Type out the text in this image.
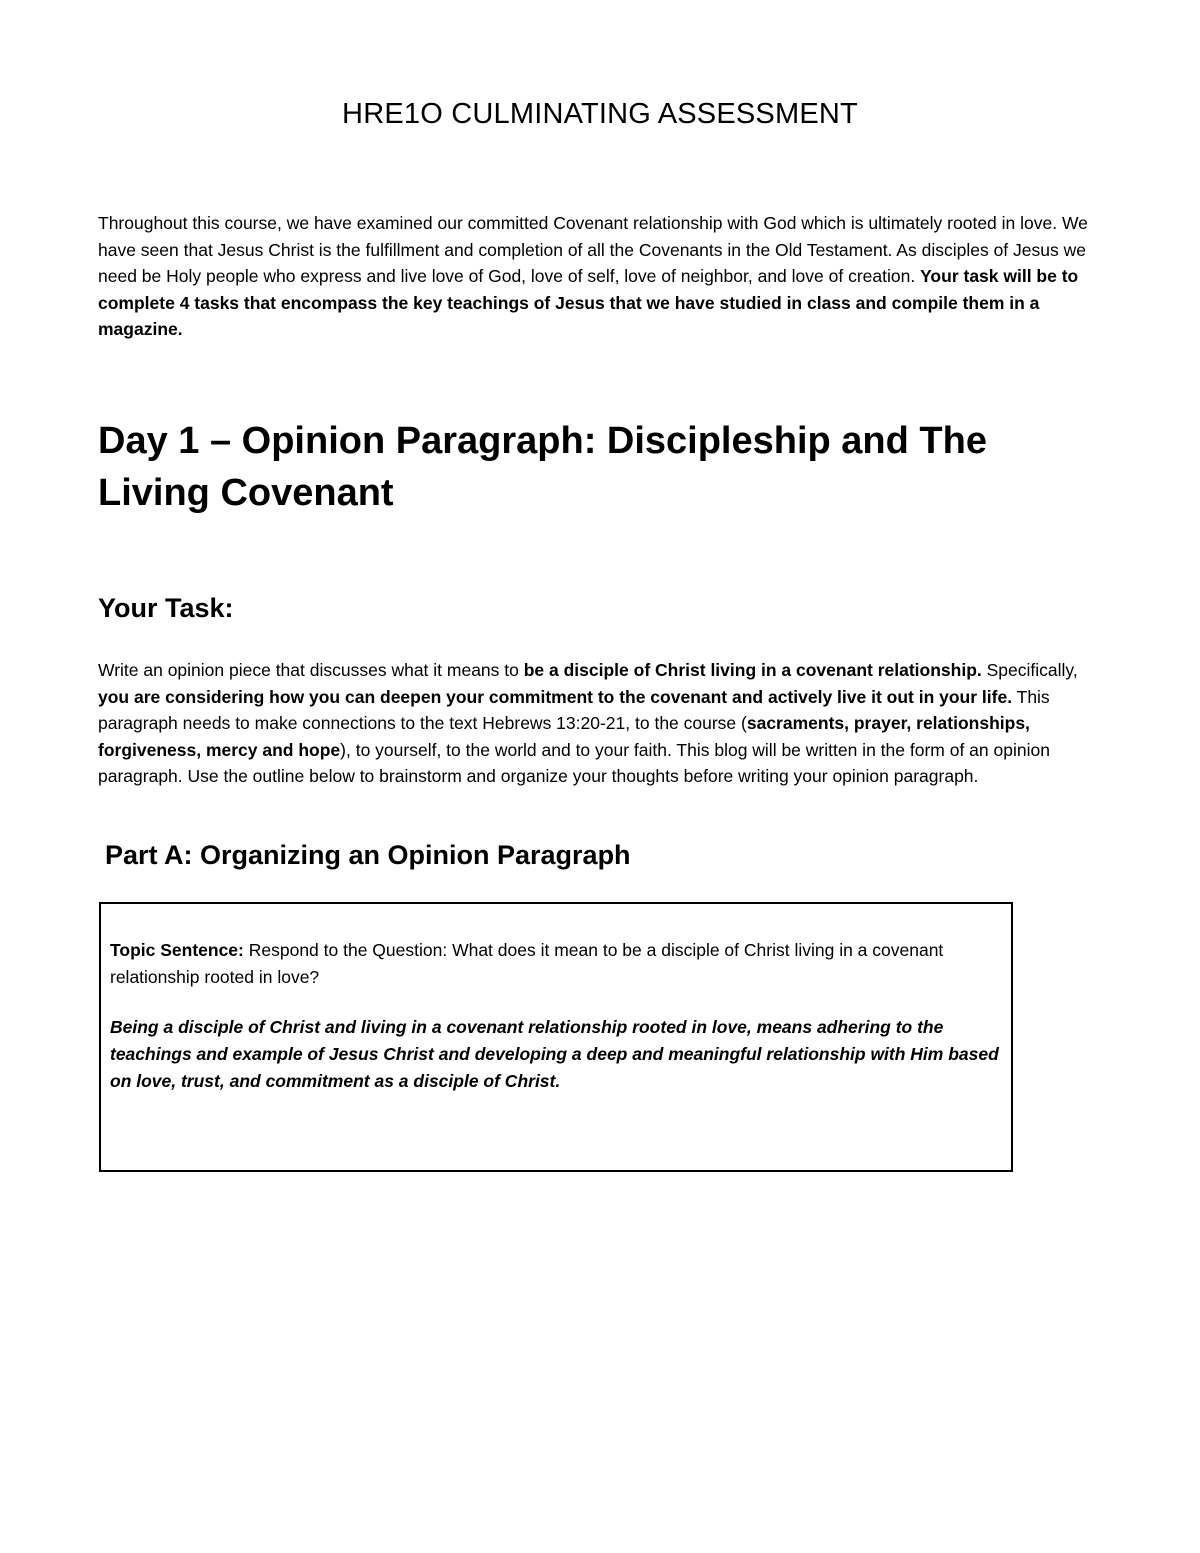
HRE1O CULMINATING ASSESSMENT

Throughout this course, we have examined our committed Covenant relationship with God which is ultimately rooted in love. We have seen that Jesus Christ is the fulfillment and completion of all the Covenants in the Old Testament. As disciples of Jesus we need be Holy people who express and live love of God, love of self, love of neighbor, and love of creation. Your task will be to complete 4 tasks that encompass the key teachings of Jesus that we have studied in class and compile them in a magazine.

Day 1 – Opinion Paragraph: Discipleship and The Living Covenant
Your Task:

Write an opinion piece that discusses what it means to be a disciple of Christ living in a covenant relationship. Specifically, you are considering how you can deepen your commitment to the covenant and actively live it out in your life. This paragraph needs to make connections to the text Hebrews 13:20-21, to the course (sacraments, prayer, relationships, forgiveness, mercy and hope), to yourself, to the world and to your faith. This blog will be written in the form of an opinion paragraph. Use the outline below to brainstorm and organize your thoughts before writing your opinion paragraph.

Part A: Organizing an Opinion Paragraph

Topic Sentence: Respond to the Question: What does it mean to be a disciple of Christ living in a covenant relationship rooted in love?

Being a disciple of Christ and living in a covenant relationship rooted in love, means adhering to the teachings and example of Jesus Christ and developing a deep and meaningful relationship with Him based on love, trust, and commitment as a disciple of Christ.
